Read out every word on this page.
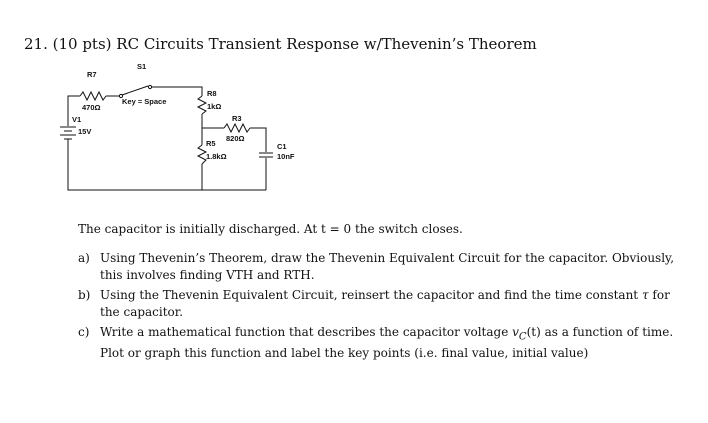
21. (10 pts) RC Circuits Transient Response w/Thevenin’s Theorem
S1
Key = Space
R7
470Ω
R8
1kΩ
R3
820Ω
R5
1.8kΩ
C1
10nF
V1
15V

The capacitor is initially discharged. At t = 0 the switch closes.

a) Using Thevenin’s Theorem, draw the Thevenin Equivalent Circuit for the capacitor. Obviously, this involves finding VTH and RTH.
b) Using the Thevenin Equivalent Circuit, reinsert the capacitor and find the time constant τ for the capacitor.
c) Write a mathematical function that describes the capacitor voltage $v_C(t)$ as a function of time. Plot or graph this function and label the key points (i.e. final value, initial value)
